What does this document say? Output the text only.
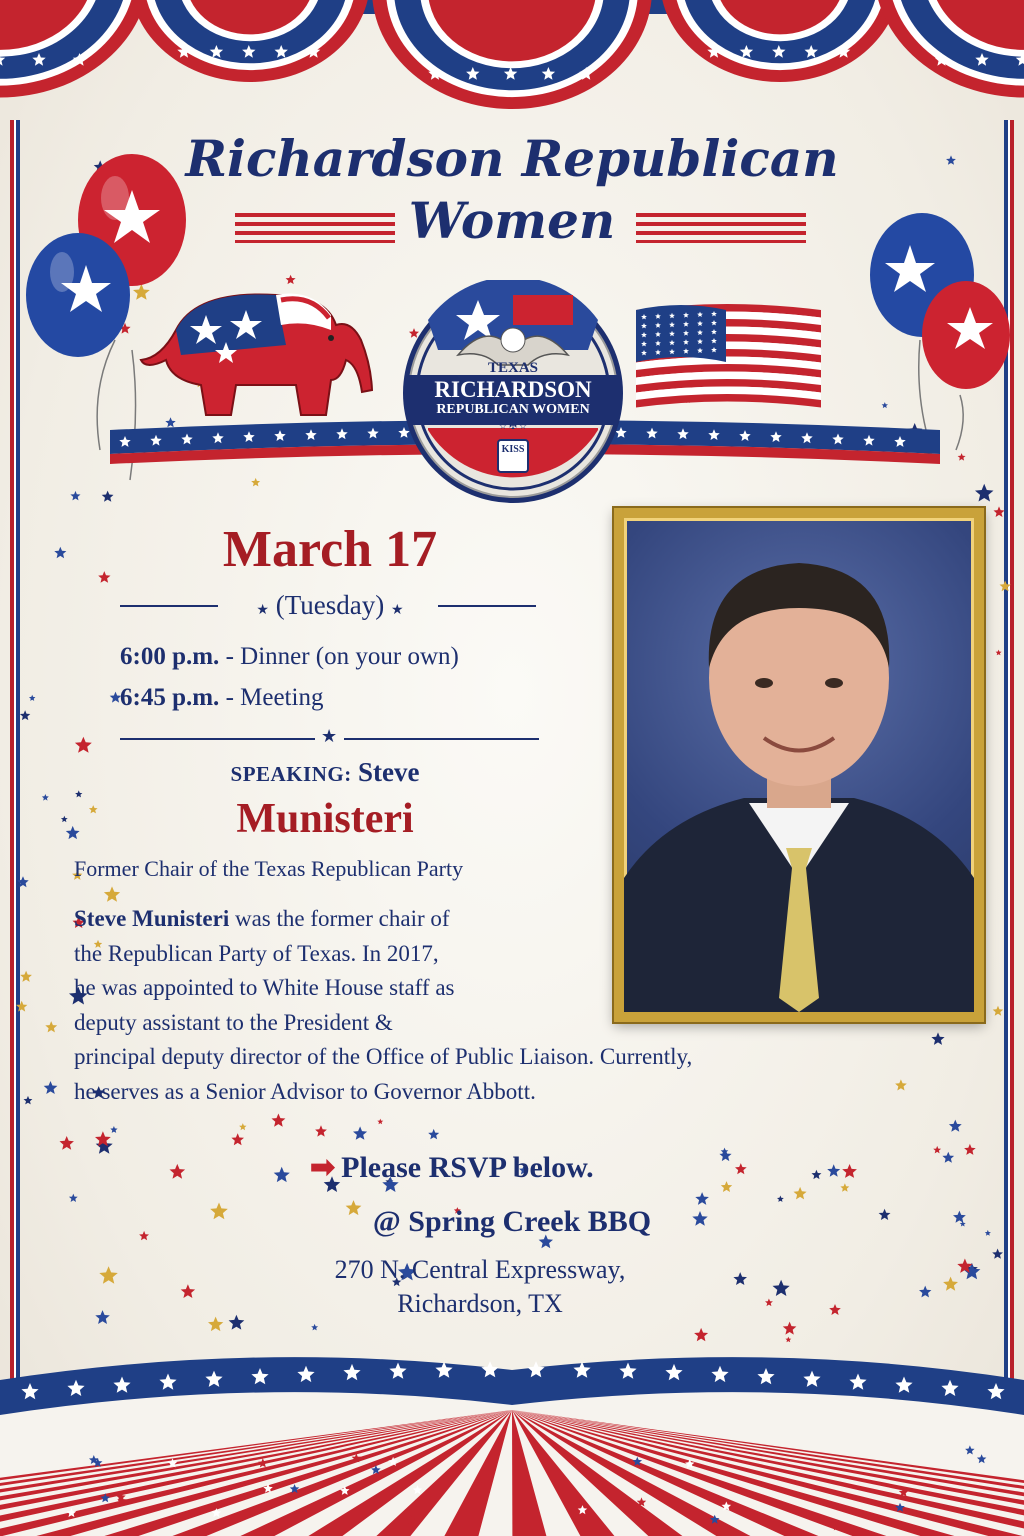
Richardson Republican
Women
TEXAS
RICHARDSON
REPUBLICAN WOMEN
☆ ✠ ☆
KISS
March 17
★ (Tuesday) ★
6:00 p.m. - Dinner (on your own)
6:45 p.m. - Meeting
★
SPEAKING: Steve
Munisteri
Former Chair of the Texas Republican Party
Steve Munisteri was the former chair of
the Republican Party of Texas. In 2017,
he was appointed to White House staff as
deputy assistant to the President &
principal deputy director of the Office of Public Liaison. Currently,
he serves as a Senior Advisor to Governor Abbott.
➡ Please RSVP below.
@ Spring Creek BBQ
270 N. Central Expressway,
Richardson, TX
